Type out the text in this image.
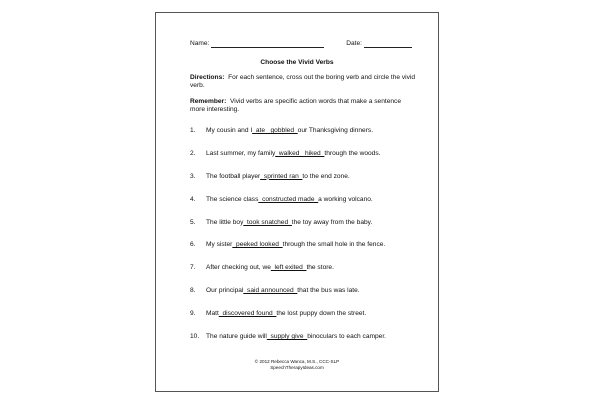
Name:	Date:
Choose the Vivid Verbs
Directions: For each sentence, cross out the boring verb and circle the vivid verb.
Remember: Vivid verbs are specific action words that make a sentence more interesting.
1.	My cousin and I _ate _gobbled_ our Thanksgiving dinners.
2.	Last summer, my family _walked _hiked_ through the woods.
3.	The football player _sprinted ran_ to the end zone.
4.	The science class _constructed made_ a working volcano.
5.	The little boy _took snatched_ the toy away from the baby.
6.	My sister _peeked looked_ through the small hole in the fence.
7.	After checking out, we _left exited_ the store.
8.	Our principal _said announced_ that the bus was late.
9.	Matt _discovered found_ the lost puppy down the street.
10.	The nature guide will _supply give_ binoculars to each camper.
© 2012 Rebecca Wanca, M.S., CCC-SLP
SpeechTherapyIdeas.com
